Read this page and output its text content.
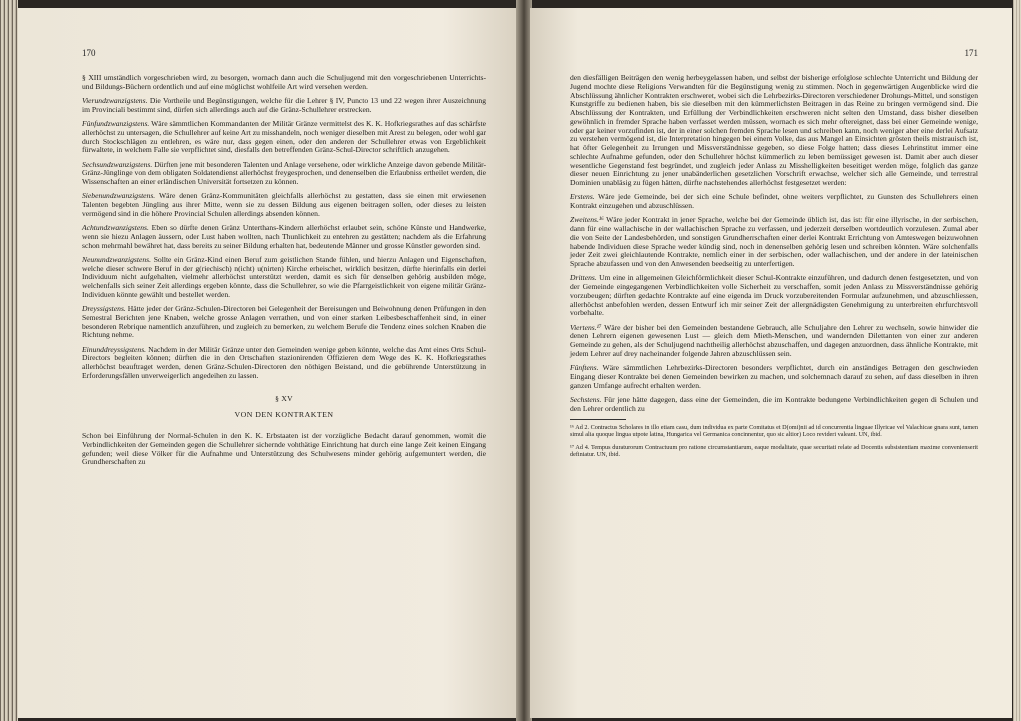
170

§ XIII umständlich vorgeschrieben wird, zu besorgen, wornach dann auch die Schuljugend mit den vorgeschriebenen Unterrichts- und Bildungs-Büchern ordentlich und auf eine möglichst wohlfeile Art wird versehen werden.

Vierundzwanzigstens. Die Vortheile und Begünstigungen, welche für die Lehrer § IV, Puncto 13 und 22 wegen ihrer Auszeichnung im Provinciali bestimmt sind, dürfen sich allerdings auch auf die Gränz-Schullehrer erstrecken.

Fünfundzwanzigstens. Wäre sämmtlichen Kommandanten der Militär Gränze vermittelst des K. K. Hofkriegsrathes auf das schärfste allerhöchst zu untersagen, die Schullehrer auf keine Art zu misshandeln, noch weniger dieselben mit Arest zu belegen, oder wohl gar durch Stockschlägen zu entlehren, es wäre nur, dass gegen einen, oder den anderen der Schullehrer etwas von Ergeblichkeit fürwaltete, in welchem Falle sie verpflichtet sind, diesfalls den betreffenden Gränz-Schul-Director schriftlich anzugehen.

Sechsundzwanzigstens. Dürften jene mit besonderen Talenten und Anlage versehene, oder wirkliche Anzeige davon gebende Militär-Gränz-Jünglinge von dem obligaten Soldatendienst allerhöchst freygesprochen, und denenselben die Erlaubniss ertheilet werden, die Wissenschaften an einer erländischen Universität fortsetzen zu können.

Siebenundzwanzigstens. Wäre denen Gränz-Kommunitäten gleichfalls allerhöchst zu gestatten, dass sie einen mit erwiesenen Talenten begebten Jüngling aus ihrer Mitte, wenn sie zu dessen Bildung aus eigenen beitragen sollen, oder dieses zu leisten vermögend sind in die höhere Provincial Schulen allerdings absenden können.

Achtundzwanzigstens. Eben so dürfte denen Gränz Unterthans-Kindern allerhöchst erlaubet sein, schöne Künste und Handwerke, wenn sie hiezu Anlagen äussern, oder Lust haben wollten, nach Thunlichkeit zu entehren zu gestätten; nachdem als die Erfahrung schon mehrmahl bewähret hat, dass bereits zu seiner Bildung erhalten hat, bedeutende Männer und grosse Künstler geworden sind.

Neunundzwanzigstens. Sollte ein Gränz-Kind einen Beruf zum geistlichen Stande fühlen, und hierzu Anlagen und Eigenschaften, welche dieser schwere Beruf in der g(riechisch) n(icht) u(nirten) Kirche erheischet, wirklich besitzen, dürfte hierinfalls ein derlei Individuum nicht aufgehalten, vielmehr allerhöchst unterstützt werden, damit es sich für denselben gehörig ausbilden möge, welchenfalls sich seiner Zeit allerdings ergeben könnte, dass die Schullehrer, so wie die Pfarrgeistlichkeit von eigene militär Gränz-Individuen könnte gewählt und bestellet werden.

Dreyssigstens. Hätte jeder der Gränz-Schulen-Directoren bei Gelegenheit der Bereisungen und Beiwohnung denen Prüfungen in den Semestral Berichten jene Knaben, welche grosse Anlagen verrathen, und von einer starken Leibesbeschaffenheit sind, in einer besonderen Rebrique namentlich anzuführen, und zugleich zu bemerken, zu welchem Berufe die Tendenz eines solchen Knaben die Richtung nehme.

Einunddreyssigstens. Nachdem in der Militär Gränze unter den Gemeinden wenige geben könnte, welche das Amt eines Orts Schul-Directors begleiten können; dürften die in den Ortschaften stazionirenden Offizieren dem Wege des K. K. Hofkriegsrathes allerhöchst beauftraget werden, denen Gränz-Schulen-Directoren den nöthigen Beistand, und die gebührende Unterstützung in Erforderungsfällen unverweigerlich angedeihen zu lassen.

§ XV
VON DEN KONTRAKTEN

Schon bei Einführung der Normal-Schulen in den K. K. Erbstaaten ist der vorzügliche Bedacht darauf genommen, womit die Verbindlichkeiten der Gemeinden gegen die Schullehrer sichernde vohthätige Einrichtung hat durch eine lange Zeit keinen Eingang gefunden; weil diese Völker für die Aufnahme und Unterstützung des Schulwesens minder gehörig aufgemuntert werden, die Grundherschaften zu

171

den diesfälligen Beiträgen den wenig herbeygelassen haben, und selbst der bisherige erfolglose schlechte Unterricht und Bildung der Jugend mochte diese Religions Verwandten für die Begünstigung wenig zu stimmen. Noch in gegenwärtigen Augenblicke wird die Abschlüssung ähnlicher Kontrakten erschweret, wobei sich die Lehrbezirks-Directoren verschiedener Drohungs-Mittel, und sonstigen Kunstgriffe zu bedienen haben, bis sie dieselben mit den kümmerlichsten Beitragen in das Reine zu bringen vermögend sind. Die Abschlüssung der Kontrakten, und Erfüllung der Verbindlichkeiten erschweren nicht selten den Umstand, dass bisher dieselben gewöhnlich in fremder Sprache haben verfasset werden müssen, wornach es sich mehr oftereignet, dass bei einer Gemeinde wenige, oder gar keiner vorzufinden ist, der in einer solchen fremden Sprache lesen und schreiben kann, noch weniger aber eine derlei Aufsatz zu verstehen vermögend ist, die Interpretation hingegen bei einem Volke, das aus Mangel an Einsichten grösten theils mistrauisch ist, hat öfter Gelegenheit zu Irrungen und Missverständnisse gegeben, so diese Folge hatten; dass dieses Lehrinstitut immer eine schlechte Aufnahme gefunden, oder den Schullehrer höchst kümmerlich zu leben bemüssiget gewesen ist. Damit aber auch dieser wesentliche Gegenstand fest begründet, und zugleich jeder Anlass zu Misshelligkeiten beseitiget werden möge, folglich das ganze dieser neuen Einrichtung zu jener unabänderlichen gesetzlichen Vorschrift erwachse, welcher sich alle Gemeinde, und terrestral Dominien unabläsig zu fügen hätten, dürfte nachstehendes allerhöchst festgesetzet werden:

Erstens. Wäre jede Gemeinde, bei der sich eine Schule befindet, ohne weiters verpflichtet, zu Gunsten des Schullehrers einen Kontrakt einzugehen und abzuschlüssen.

Zweitens.¹⁶ Wäre jeder Kontrakt in jener Sprache, welche bei der Gemeinde üblich ist, das ist: für eine illyrische, in der serbischen, dann für eine wallachische in der wallachischen Sprache zu verfassen, und jederzeit derselben wortdeutlich vorzulesen. Zumal aber die von Seite der Landesbehörden, und sonstigen Grundherrschaften einer derlei Kontrakt Errichtung von Amteswegen beizuwohnen habende Individuen diese Sprache weder kündig sind, noch in denenselben gehörig lesen und schreiben könnten. Wäre solchenfalls jeder Zeit zwei gleichlautende Kontrakte, nemlich einer in der serbischen, oder wallachischen, und der andere in der lateinischen Sprache abzufassen und von den Anwesenden beedseitig zu unterfertigen.

Drittens. Um eine in allgemeinen Gleichförmlichkeit dieser Schul-Kontrakte einzuführen, und dadurch denen festgesetzten, und von der Gemeinde eingegangenen Verbindlichkeiten volle Sicherheit zu verschaffen, somit jeden Anlass zu Missverständnisse gehörig vorzubeugen; dürften gedachte Kontrakte auf eine eigenda im Druck vorzubereitenden Formular aufzunehmen, und abzuschliessen, allerhöchst anbefohlen werden, dessen Entwurf ich mir seiner Zeit der allergnädigsten Genehmigung zu unterbreiten ehrfurchtsvoll vorbehalte.

Viertens.¹⁷ Wäre der bisher bei den Gemeinden bestandene Gebrauch, alle Schuljahre den Lehrer zu wechseln, sowie hinwider die denen Lehrern eigenen gewesenen Lust — gleich dem Mieth-Menschen, und wandernden Dilettanten von einer zur anderen Gemeinde zu gehen, als der Schuljugend nachtheilig allerhöchst abzuschaffen, und dagegen anzuordnen, dass ähnliche Kontrakte, mit jedem Lehrer auf drey nacheinander folgende Jahren abzuschlüssen sein.

Fünftens. Wäre sämmtlichen Lehrbezirks-Directoren besonders verpflichtet, durch ein anständiges Betragen den geschwieden Eingang dieser Kontrakte bei denen Gemeinden bewirken zu machen, und solchemnach darauf zu sehen, auf dass dieselben in ihren ganzen Umfange aufrecht erhalten werden.

Sechstens. Für jene hätte dagegen, dass eine der Gemeinden, die im Kontrakte bedungene Verbindlichkeiten gegen di Schulen und den Lehrer ordentlich zu

¹⁶ Ad 2. Contractus Scholares in illo etiam casu, dum individua ex parte Comitatus et D(omi)nii ad id concurrentia linguae Illyricae vel Valachicae gnara sunt, tamen simul alia quoque lingua utpote latina, Hungarica vel Germanica concinnentur, quo sic altior) Loco revideri valeant. UN, ibid.

¹⁷ Ad 4. Tempus duraturorum Contractuum pro ratione circumstantiarum, eaque modalitate, quae securitati relate ad Docentis subsistentiam maxime convenienserit definiatur. UN, ibid.
